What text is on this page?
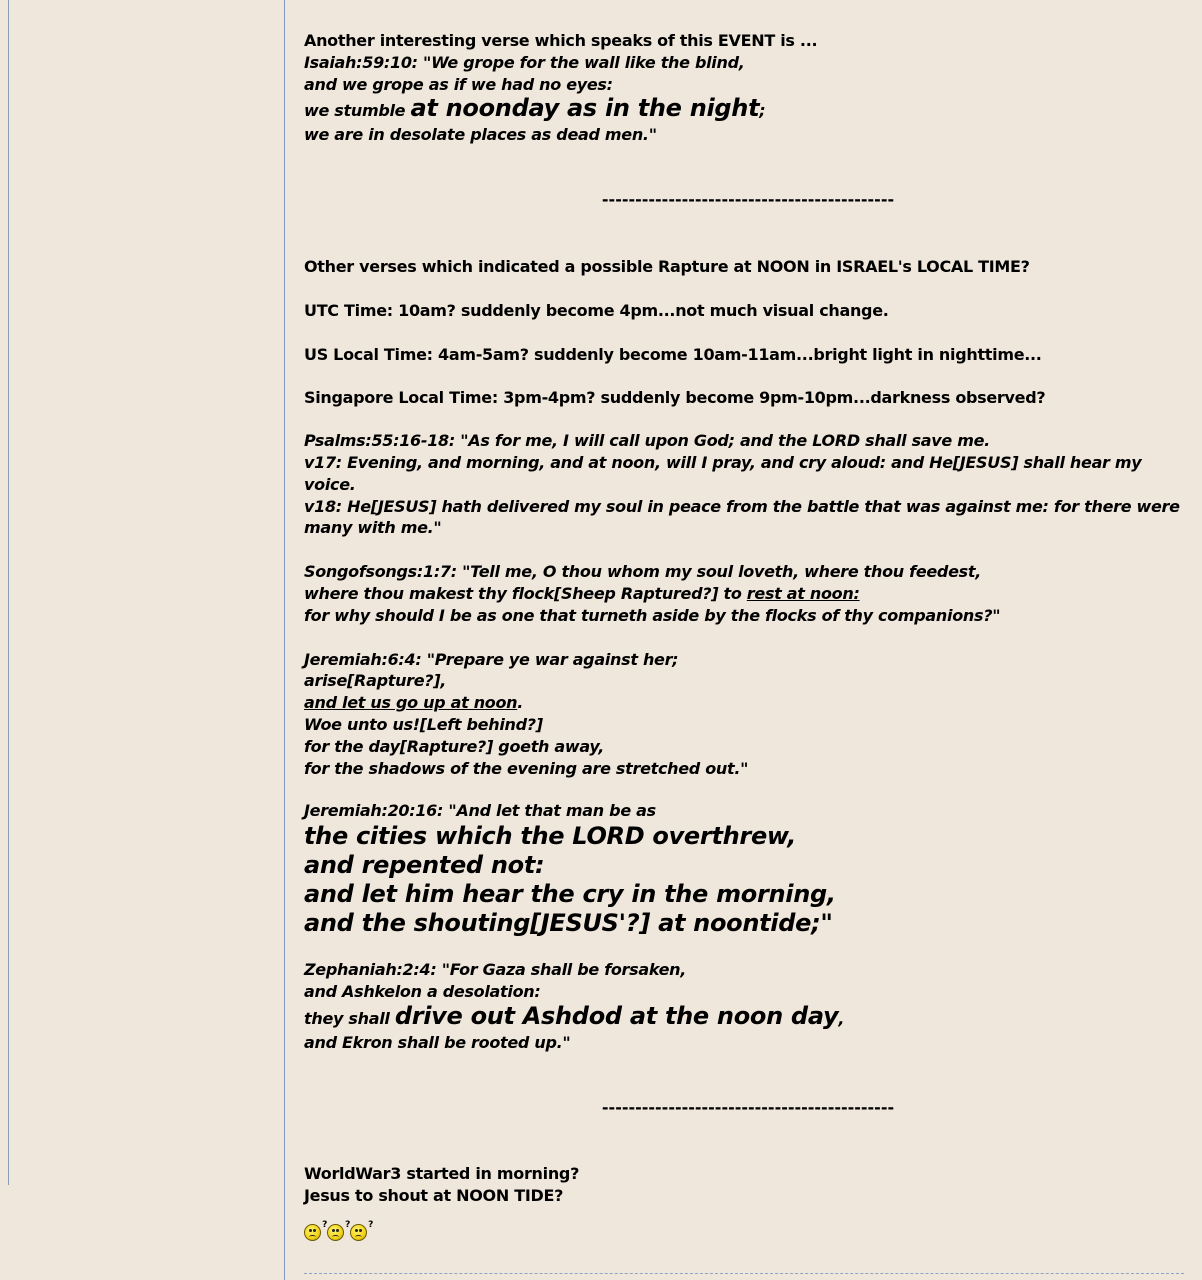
Another interesting verse which speaks of this EVENT is ...

Isaiah:59:10: "We grope for the wall like the blind,

and we grope as if we had no eyes:

we stumble at noonday as in the night;

we are in desolate places as dead men."

--------------------------------------------

Other verses which indicated a possible Rapture at NOON in ISRAEL's LOCAL TIME?

UTC Time: 10am? suddenly become 4pm...not much visual change.

US Local Time: 4am-5am? suddenly become 10am-11am...bright light in nighttime...

Singapore Local Time: 3pm-4pm? suddenly become 9pm-10pm...darkness observed?

Psalms:55:16-18: "As for me, I will call upon God; and the LORD shall save me.

v17: Evening, and morning, and at noon, will I pray, and cry aloud: and He[JESUS] shall hear my voice.

v18: He[JESUS] hath delivered my soul in peace from the battle that was against me: for there were many with me."

Songofsongs:1:7: "Tell me, O thou whom my soul loveth, where thou feedest,

where thou makest thy flock[Sheep Raptured?] to rest at noon:

for why should I be as one that turneth aside by the flocks of thy companions?"

Jeremiah:6:4: "Prepare ye war against her;

arise[Rapture?],

and let us go up at noon.

Woe unto us![Left behind?]

for the day[Rapture?] goeth away,

for the shadows of the evening are stretched out."

Jeremiah:20:16: "And let that man be as

the cities which the LORD overthrew,

and repented not:

and let him hear the cry in the morning,

and the shouting[JESUS'?] at noontide;"

Zephaniah:2:4: "For Gaza shall be forsaken,

and Ashkelon a desolation:

they shall drive out Ashdod at the noon day,

and Ekron shall be rooted up."

--------------------------------------------

WorldWar3 started in morning?

Jesus to shout at NOON TIDE?

? ? ?
